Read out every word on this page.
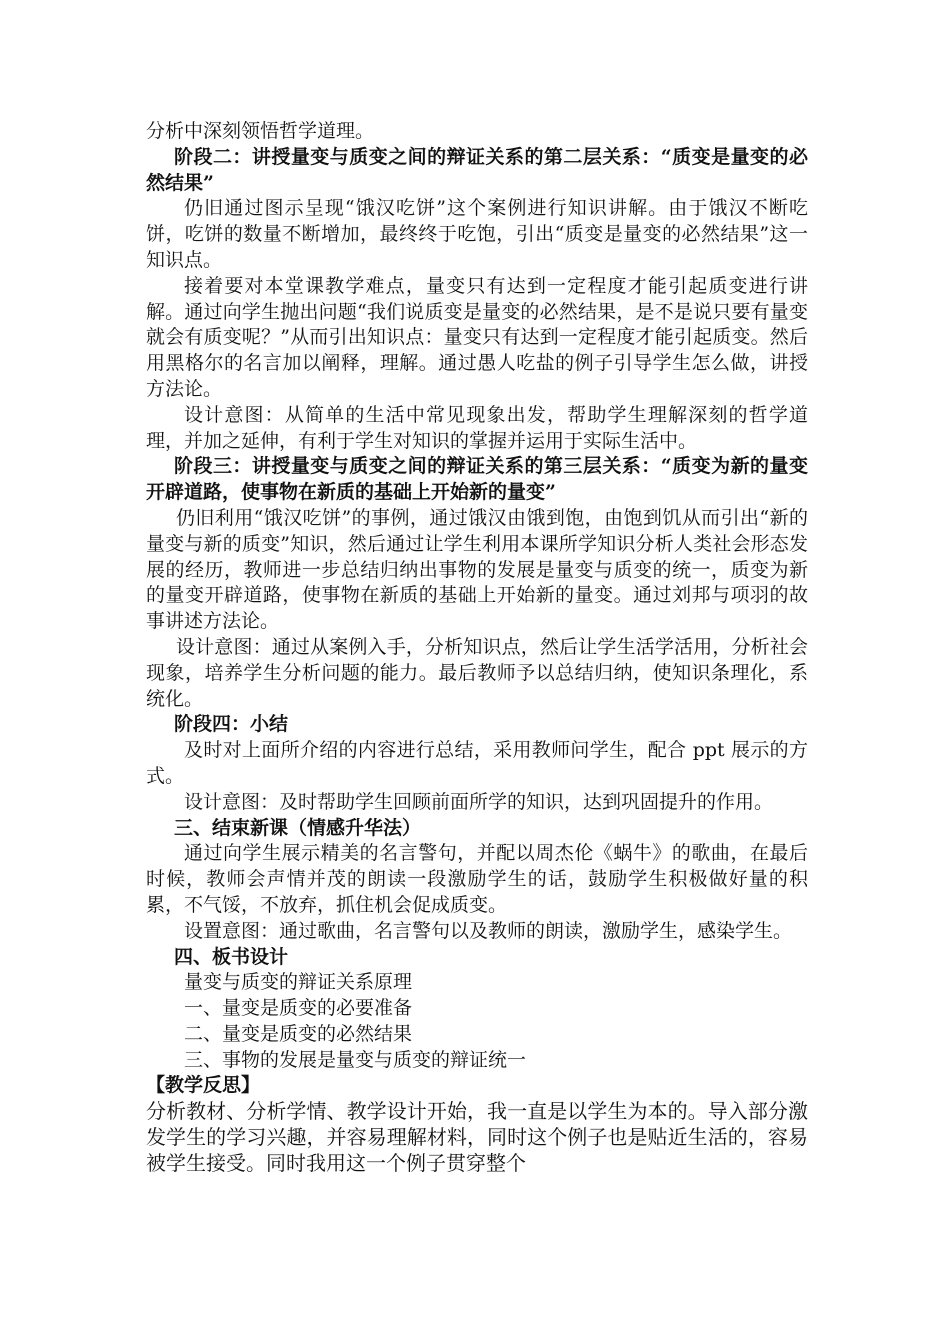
分析中深刻领悟哲学道理。

阶段二：讲授量变与质变之间的辩证关系的第二层关系：“质变是量变的必然结果”

仍旧通过图示呈现“饿汉吃饼”这个案例进行知识讲解。由于饿汉不断吃饼，吃饼的数量不断增加，最终终于吃饱，引出“质变是量变的必然结果”这一知识点。

接着要对本堂课教学难点，量变只有达到一定程度才能引起质变进行讲解。通过向学生抛出问题“我们说质变是量变的必然结果，是不是说只要有量变就会有质变呢？”从而引出知识点：量变只有达到一定程度才能引起质变。然后用黑格尔的名言加以阐释，理解。通过愚人吃盐的例子引导学生怎么做，讲授方法论。

设计意图：从简单的生活中常见现象出发，帮助学生理解深刻的哲学道理，并加之延伸，有利于学生对知识的掌握并运用于实际生活中。

阶段三：讲授量变与质变之间的辩证关系的第三层关系：“质变为新的量变开辟道路，使事物在新质的基础上开始新的量变”

仍旧利用“饿汉吃饼”的事例，通过饿汉由饿到饱，由饱到饥从而引出“新的量变与新的质变”知识，然后通过让学生利用本课所学知识分析人类社会形态发展的经历，教师进一步总结归纳出事物的发展是量变与质变的统一，质变为新的量变开辟道路，使事物在新质的基础上开始新的量变。通过刘邦与项羽的故事讲述方法论。

设计意图：通过从案例入手，分析知识点，然后让学生活学活用，分析社会现象，培养学生分析问题的能力。最后教师予以总结归纳，使知识条理化，系统化。

阶段四：小结

及时对上面所介绍的内容进行总结，采用教师问学生，配合 ppt 展示的方式。

设计意图：及时帮助学生回顾前面所学的知识，达到巩固提升的作用。

三、结束新课（情感升华法）

通过向学生展示精美的名言警句，并配以周杰伦《蜗牛》的歌曲，在最后时候，教师会声情并茂的朗读一段激励学生的话，鼓励学生积极做好量的积累，不气馁，不放弃，抓住机会促成质变。

设置意图：通过歌曲，名言警句以及教师的朗读，激励学生，感染学生。

四、板书设计

量变与质变的辩证关系原理

一、量变是质变的必要准备

二、量变是质变的必然结果

三、事物的发展是量变与质变的辩证统一

【教学反思】

分析教材、分析学情、教学设计开始，我一直是以学生为本的。导入部分激发学生的学习兴趣，并容易理解材料，同时这个例子也是贴近生活的，容易被学生接受。同时我用这一个例子贯穿整个
